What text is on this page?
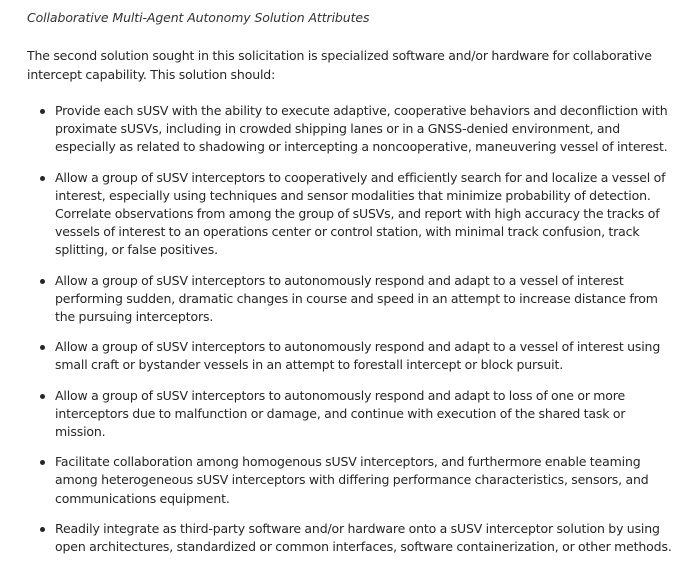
Collaborative Multi-Agent Autonomy Solution Attributes

The second solution sought in this solicitation is specialized software and/or hardware for collaborative intercept capability. This solution should:

Provide each sUSV with the ability to execute adaptive, cooperative behaviors and deconfliction with proximate sUSVs, including in crowded shipping lanes or in a GNSS-denied environment, and especially as related to shadowing or intercepting a noncooperative, maneuvering vessel of interest.
Allow a group of sUSV interceptors to cooperatively and efficiently search for and localize a vessel of interest, especially using techniques and sensor modalities that minimize probability of detection. Correlate observations from among the group of sUSVs, and report with high accuracy the tracks of vessels of interest to an operations center or control station, with minimal track confusion, track splitting, or false positives.
Allow a group of sUSV interceptors to autonomously respond and adapt to a vessel of interest performing sudden, dramatic changes in course and speed in an attempt to increase distance from the pursuing interceptors.
Allow a group of sUSV interceptors to autonomously respond and adapt to a vessel of interest using small craft or bystander vessels in an attempt to forestall intercept or block pursuit.
Allow a group of sUSV interceptors to autonomously respond and adapt to loss of one or more interceptors due to malfunction or damage, and continue with execution of the shared task or mission.
Facilitate collaboration among homogenous sUSV interceptors, and furthermore enable teaming among heterogeneous sUSV interceptors with differing performance characteristics, sensors, and communications equipment.
Readily integrate as third-party software and/or hardware onto a sUSV interceptor solution by using open architectures, standardized or common interfaces, software containerization, or other methods.
